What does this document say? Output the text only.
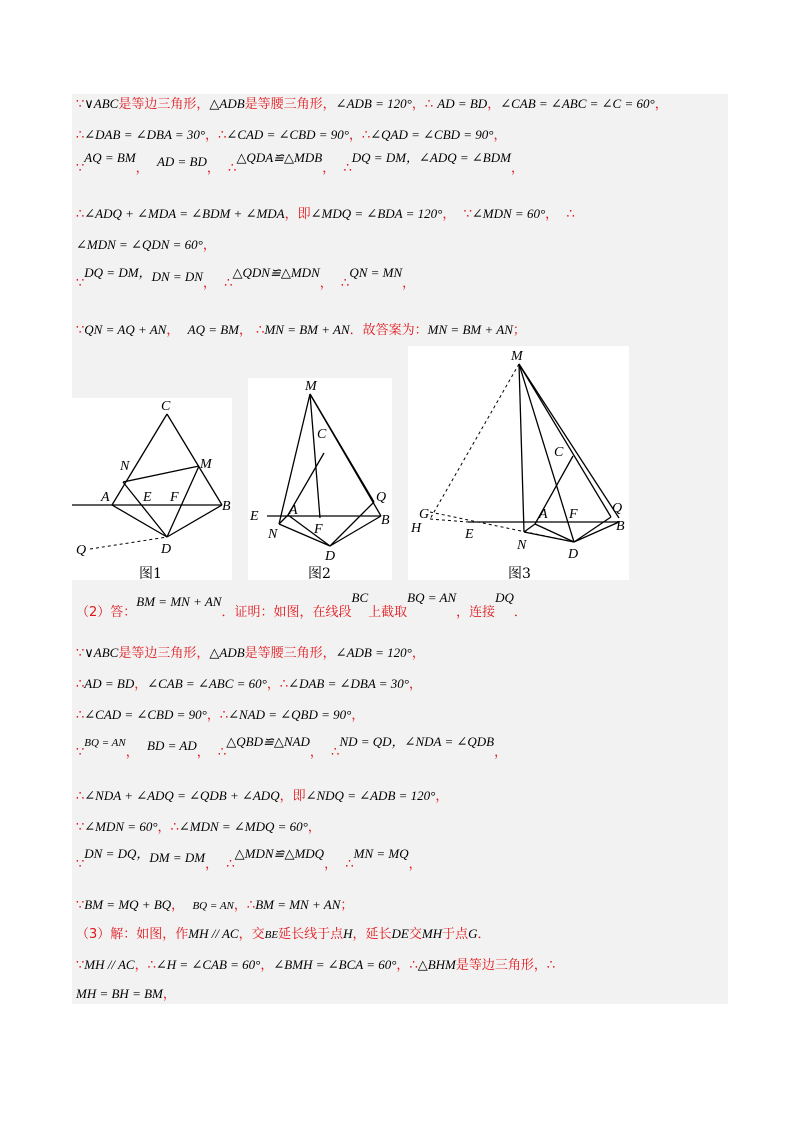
∵∨ABC是等边三角形，△ADB是等腰三角形，∠ADB = 120°，∴ AD = BD，∠CAB = ∠ABC = ∠C = 60°，
∴∠DAB = ∠DBA = 30°，∴∠CAD = ∠CBD = 90°，∴∠QAD = ∠CBD = 90°，
∵AQ = BM， AD = BD， ∴△QDA≌△MDB， ∴DQ = DM，∠ADQ = ∠BDM，
∴∠ADQ + ∠MDA = ∠BDM + ∠MDA，即∠MDQ = ∠BDA = 120°， ∵∠MDN = 60°， ∴
∠MDN = ∠QDN = 60°，
∵DQ = DM，DN = DN， ∴△QDN≌△MDN， ∴QN = MN，
∵QN = AQ + AN， AQ = BM， ∴MN = BM + AN．故答案为：MN = BM + AN；
C
N	M
A E F
B
Q	D
图1
M
C
Q
E A
F
B
N
D
图2
M
C
G
H	E
A F Q
B
N
D
图3
（2）答：BM = MN + AN．证明：如图，在线段BC上截取BQ = AN，连接DQ．
∵∨ABC是等边三角形，△ADB是等腰三角形，∠ADB = 120°，
∴AD = BD，∠CAB = ∠ABC = 60°，∴∠DAB = ∠DBA = 30°，
∴∠CAD = ∠CBD = 90°，∴∠NAD = ∠QBD = 90°，
∵$^{BQ = AN}$， BD = AD， ∴△QBD≌△NAD， ∴ND = QD，∠NDA = ∠QDB，
∴∠NDA + ∠ADQ = ∠QDB + ∠ADQ，即∠NDQ = ∠ADB = 120°，
∵∠MDN = 60°，∴∠MDN = ∠MDQ = 60°，
∵DN = DQ，DM = DM， ∴△MDN≌△MDQ， ∴MN = MQ，
∵BM = MQ + BQ， BQ = AN，∴BM = MN + AN；
（3）解：如图，作MH // AC，交BE延长线于点H，延长DE交MH于点G．
∵MH // AC，∴∠H = ∠CAB = 60°，∠BMH = ∠BCA = 60°，∴△BHM是等边三角形，∴
MH = BH = BM，
